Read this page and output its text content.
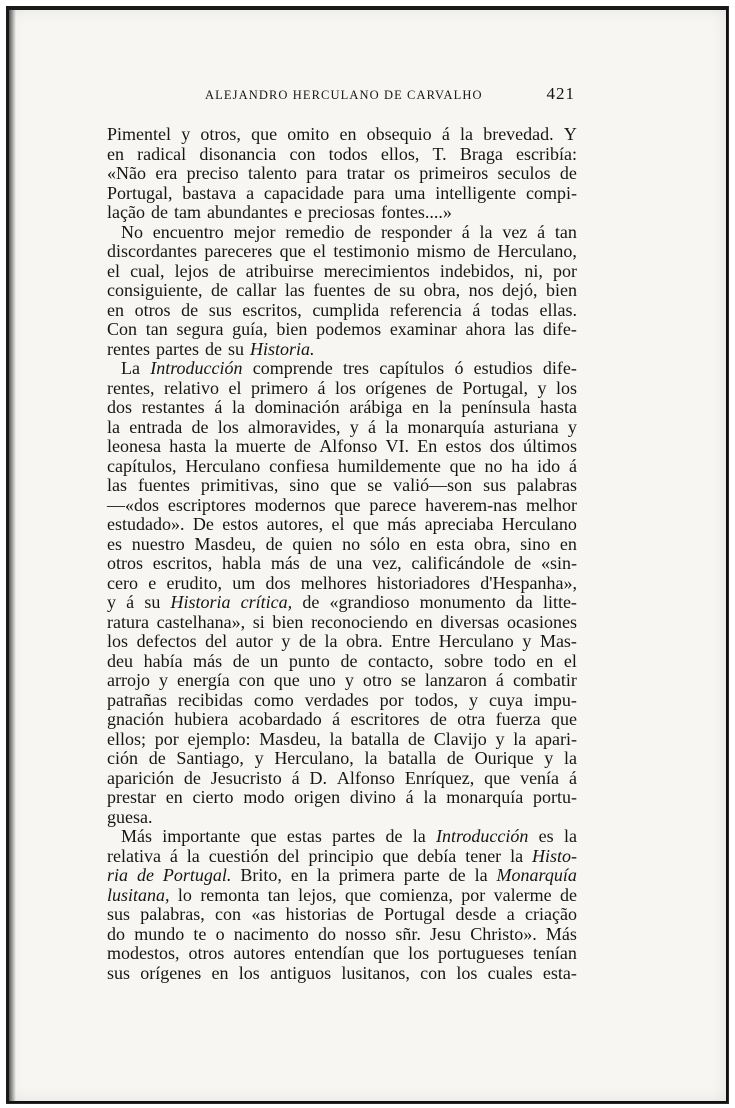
ALEJANDRO HERCULANO DE CARVALHO	421
Pimentel y otros, que omito en obsequio á la brevedad. Y
en radical disonancia con todos ellos, T. Braga escribía:
«Não era preciso talento para tratar os primeiros seculos de
Portugal, bastava a capacidade para uma intelligente compi-
lação de tam abundantes e preciosas fontes....»
No encuentro mejor remedio de responder á la vez á tan
discordantes pareceres que el testimonio mismo de Herculano,
el cual, lejos de atribuirse merecimientos indebidos, ni, por
consiguiente, de callar las fuentes de su obra, nos dejó, bien
en otros de sus escritos, cumplida referencia á todas ellas.
Con tan segura guía, bien podemos examinar ahora las dife-
rentes partes de su Historia.
La Introducción comprende tres capítulos ó estudios dife-
rentes, relativo el primero á los orígenes de Portugal, y los
dos restantes á la dominación arábiga en la península hasta
la entrada de los almoravides, y á la monarquía asturiana y
leonesa hasta la muerte de Alfonso VI. En estos dos últimos
capítulos, Herculano confiesa humildemente que no ha ido á
las fuentes primitivas, sino que se valió—son sus palabras
—«dos escriptores modernos que parece haverem-nas melhor
estudado». De estos autores, el que más apreciaba Herculano
es nuestro Masdeu, de quien no sólo en esta obra, sino en
otros escritos, habla más de una vez, calificándole de «sin-
cero e erudito, um dos melhores historiadores d'Hespanha»,
y á su Historia crítica, de «grandioso monumento da litte-
ratura castelhana», si bien reconociendo en diversas ocasiones
los defectos del autor y de la obra. Entre Herculano y Mas-
deu había más de un punto de contacto, sobre todo en el
arrojo y energía con que uno y otro se lanzaron á combatir
patrañas recibidas como verdades por todos, y cuya impu-
gnación hubiera acobardado á escritores de otra fuerza que
ellos; por ejemplo: Masdeu, la batalla de Clavijo y la apari-
ción de Santiago, y Herculano, la batalla de Ourique y la
aparición de Jesucristo á D. Alfonso Enríquez, que venía á
prestar en cierto modo origen divino á la monarquía portu-
guesa.
Más importante que estas partes de la Introducción es la
relativa á la cuestión del principio que debía tener la Histo-
ria de Portugal. Brito, en la primera parte de la Monarquía
lusitana, lo remonta tan lejos, que comienza, por valerme de
sus palabras, con «as historias de Portugal desde a criação
do mundo te o nacimento do nosso sñr. Jesu Christo». Más
modestos, otros autores entendían que los portugueses tenían
sus orígenes en los antiguos lusitanos, con los cuales esta-
